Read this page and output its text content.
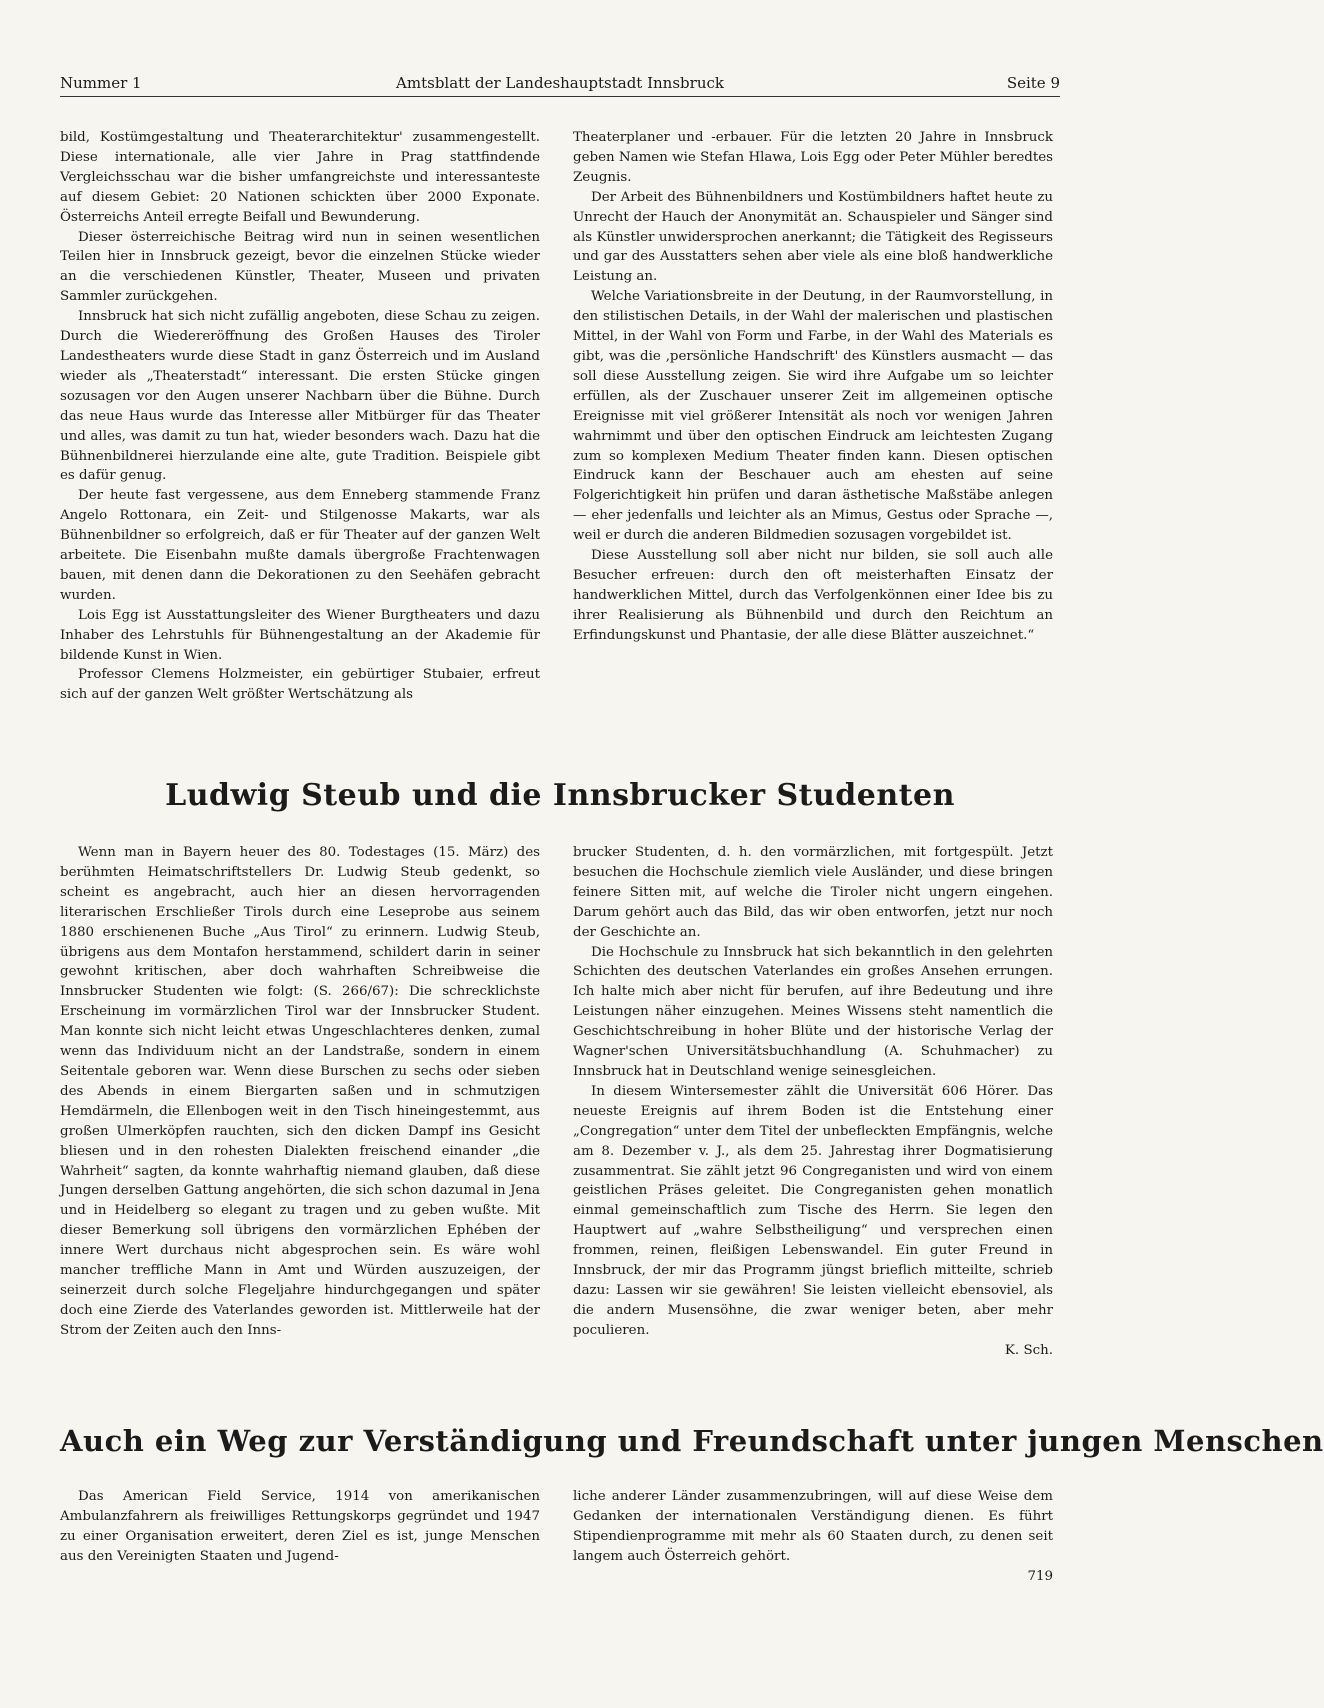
Amtsblatt der Landeshauptstadt Innsbruck
Nummer 1	Seite 9

bild, Kostümgestaltung und Theaterarchitektur' zusammengestellt. Diese internationale, alle vier Jahre in Prag stattfindende Vergleichsschau war die bisher umfangreichste und interessanteste auf diesem Gebiet: 20 Nationen schickten über 2000 Exponate. Österreichs Anteil erregte Beifall und Bewunderung.

Dieser österreichische Beitrag wird nun in seinen wesentlichen Teilen hier in Innsbruck gezeigt, bevor die einzelnen Stücke wieder an die verschiedenen Künstler, Theater, Museen und privaten Sammler zurückgehen.

Innsbruck hat sich nicht zufällig angeboten, diese Schau zu zeigen. Durch die Wiedereröffnung des Großen Hauses des Tiroler Landestheaters wurde diese Stadt in ganz Österreich und im Ausland wieder als „Theaterstadt“ interessant. Die ersten Stücke gingen sozusagen vor den Augen unserer Nachbarn über die Bühne. Durch das neue Haus wurde das Interesse aller Mitbürger für das Theater und alles, was damit zu tun hat, wieder besonders wach. Dazu hat die Bühnenbildnerei hierzulande eine alte, gute Tradition. Beispiele gibt es dafür genug.

Der heute fast vergessene, aus dem Enneberg stammende Franz Angelo Rottonara, ein Zeit- und Stilgenosse Makarts, war als Bühnenbildner so erfolgreich, daß er für Theater auf der ganzen Welt arbeitete. Die Eisenbahn mußte damals übergroße Frachtenwagen bauen, mit denen dann die Dekorationen zu den Seehäfen gebracht wurden.

Lois Egg ist Ausstattungsleiter des Wiener Burgtheaters und dazu Inhaber des Lehrstuhls für Bühnengestaltung an der Akademie für bildende Kunst in Wien.

Professor Clemens Holzmeister, ein gebürtiger Stubaier, erfreut sich auf der ganzen Welt größter Wertschätzung als

Theaterplaner und -erbauer. Für die letzten 20 Jahre in Innsbruck geben Namen wie Stefan Hlawa, Lois Egg oder Peter Mühler beredtes Zeugnis.

Der Arbeit des Bühnenbildners und Kostümbildners haftet heute zu Unrecht der Hauch der Anonymität an. Schauspieler und Sänger sind als Künstler unwidersprochen anerkannt; die Tätigkeit des Regisseurs und gar des Ausstatters sehen aber viele als eine bloß handwerkliche Leistung an.

Welche Variationsbreite in der Deutung, in der Raumvorstellung, in den stilistischen Details, in der Wahl der malerischen und plastischen Mittel, in der Wahl von Form und Farbe, in der Wahl des Materials es gibt, was die ‚persönliche Handschrift' des Künstlers ausmacht — das soll diese Ausstellung zeigen. Sie wird ihre Aufgabe um so leichter erfüllen, als der Zuschauer unserer Zeit im allgemeinen optische Ereignisse mit viel größerer Intensität als noch vor wenigen Jahren wahrnimmt und über den optischen Eindruck am leichtesten Zugang zum so komplexen Medium Theater finden kann. Diesen optischen Eindruck kann der Beschauer auch am ehesten auf seine Folgerichtigkeit hin prüfen und daran ästhetische Maßstäbe anlegen — eher jedenfalls und leichter als an Mimus, Gestus oder Sprache —, weil er durch die anderen Bildmedien sozusagen vorgebildet ist.

Diese Ausstellung soll aber nicht nur bilden, sie soll auch alle Besucher erfreuen: durch den oft meisterhaften Einsatz der handwerklichen Mittel, durch das Verfolgenkönnen einer Idee bis zu ihrer Realisierung als Bühnenbild und durch den Reichtum an Erfindungskunst und Phantasie, der alle diese Blätter auszeichnet.“

Ludwig Steub und die Innsbrucker Studenten

Wenn man in Bayern heuer des 80. Todestages (15. März) des berühmten Heimatschriftstellers Dr. Ludwig Steub gedenkt, so scheint es angebracht, auch hier an diesen hervorragenden literarischen Erschließer Tirols durch eine Leseprobe aus seinem 1880 erschienenen Buche „Aus Tirol“ zu erinnern. Ludwig Steub, übrigens aus dem Montafon herstammend, schildert darin in seiner gewohnt kritischen, aber doch wahrhaften Schreibweise die Innsbrucker Studenten wie folgt: (S. 266/67): Die schrecklichste Erscheinung im vormärzlichen Tirol war der Innsbrucker Student. Man konnte sich nicht leicht etwas Ungeschlachteres denken, zumal wenn das Individuum nicht an der Landstraße, sondern in einem Seitentale geboren war. Wenn diese Burschen zu sechs oder sieben des Abends in einem Biergarten saßen und in schmutzigen Hemdärmeln, die Ellenbogen weit in den Tisch hineingestemmt, aus großen Ulmerköpfen rauchten, sich den dicken Dampf ins Gesicht bliesen und in den rohesten Dialekten freischend einander „die Wahrheit“ sagten, da konnte wahrhaftig niemand glauben, daß diese Jungen derselben Gattung angehörten, die sich schon dazumal in Jena und in Heidelberg so elegant zu tragen und zu geben wußte. Mit dieser Bemerkung soll übrigens den vormärzlichen Ephében der innere Wert durchaus nicht abgesprochen sein. Es wäre wohl mancher treffliche Mann in Amt und Würden auszuzeigen, der seinerzeit durch solche Flegeljahre hindurchgegangen und später doch eine Zierde des Vaterlandes geworden ist. Mittlerweile hat der Strom der Zeiten auch den Inns-

brucker Studenten, d. h. den vormärzlichen, mit fortgespült. Jetzt besuchen die Hochschule ziemlich viele Ausländer, und diese bringen feinere Sitten mit, auf welche die Tiroler nicht ungern eingehen. Darum gehört auch das Bild, das wir oben entworfen, jetzt nur noch der Geschichte an.

Die Hochschule zu Innsbruck hat sich bekanntlich in den gelehrten Schichten des deutschen Vaterlandes ein großes Ansehen errungen. Ich halte mich aber nicht für berufen, auf ihre Bedeutung und ihre Leistungen näher einzugehen. Meines Wissens steht namentlich die Geschichtschreibung in hoher Blüte und der historische Verlag der Wagner'schen Universitätsbuchhandlung (A. Schuhmacher) zu Innsbruck hat in Deutschland wenige seinesgleichen.

In diesem Wintersemester zählt die Universität 606 Hörer. Das neueste Ereignis auf ihrem Boden ist die Entstehung einer „Congregation“ unter dem Titel der unbefleckten Empfängnis, welche am 8. Dezember v. J., als dem 25. Jahrestag ihrer Dogmatisierung zusammentrat. Sie zählt jetzt 96 Congreganisten und wird von einem geistlichen Präses geleitet. Die Congreganisten gehen monatlich einmal gemeinschaftlich zum Tische des Herrn. Sie legen den Hauptwert auf „wahre Selbstheiligung“ und versprechen einen frommen, reinen, fleißigen Lebenswandel. Ein guter Freund in Innsbruck, der mir das Programm jüngst brieflich mitteilte, schrieb dazu: Lassen wir sie gewähren! Sie leisten vielleicht ebensoviel, als die andern Musensöhne, die zwar weniger beten, aber mehr poculieren.

K. Sch.
Auch ein Weg zur Verständigung und Freundschaft unter jungen Menschen

Das American Field Service, 1914 von amerikanischen Ambulanzfahrern als freiwilliges Rettungskorps gegründet und 1947 zu einer Organisation erweitert, deren Ziel es ist, junge Menschen aus den Vereinigten Staaten und Jugend-

liche anderer Länder zusammenzubringen, will auf diese Weise dem Gedanken der internationalen Verständigung dienen. Es führt Stipendienprogramme mit mehr als 60 Staaten durch, zu denen seit langem auch Österreich gehört.

719
